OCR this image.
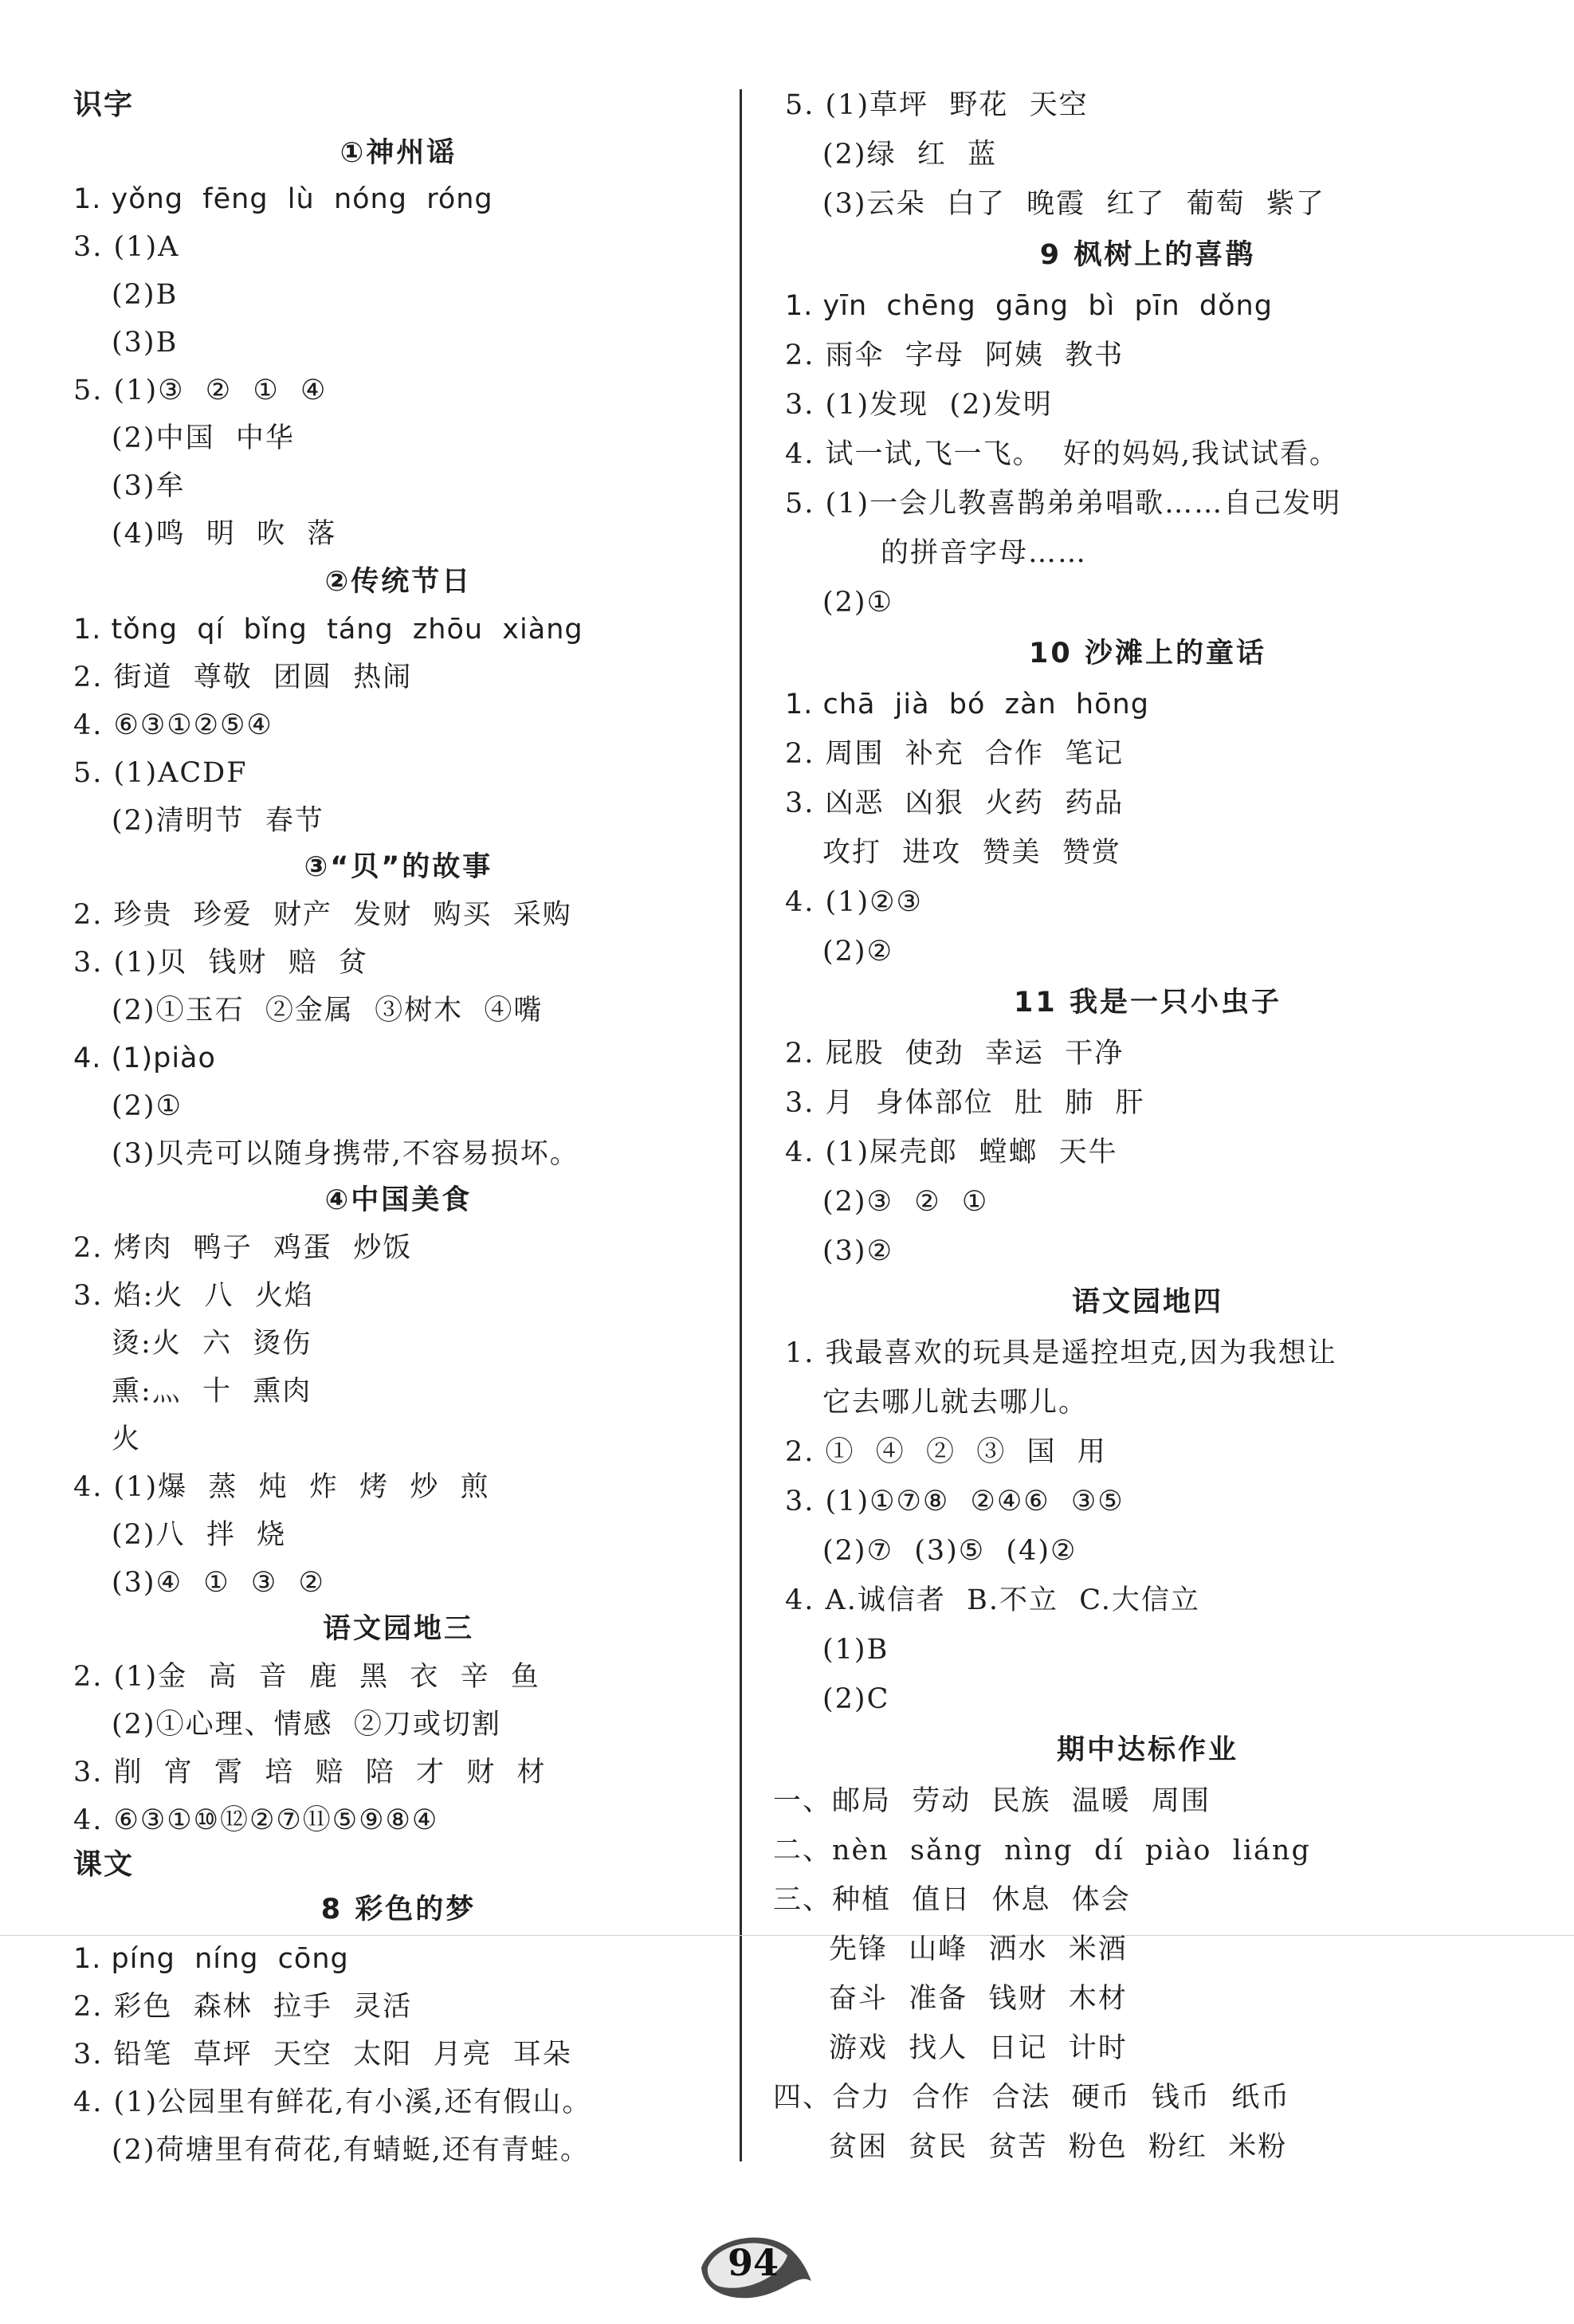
识字
①神州谣
1. yǒng  fēng  lù  nóng  róng
3. (1)A
(2)B
(3)B
5. (1)③  ②  ①  ④
(2)中国  中华
(3)牟
(4)鸣  明  吹  落
②传统节日
1. tǒng  qí  bǐng  táng  zhōu  xiàng
2. 街道  尊敬  团圆  热闹
4. ⑥③①②⑤④
5. (1)ACDF
(2)清明节  春节
③“贝”的故事
2. 珍贵  珍爱  财产  发财  购买  采购
3. (1)贝  钱财  赔  贫
(2)①玉石  ②金属  ③树木  ④嘴
4. (1)piào
(2)①
(3)贝壳可以随身携带,不容易损坏。
④中国美食
2. 烤肉  鸭子  鸡蛋  炒饭
3. 焰:火  八  火焰
烫:火  六  烫伤
熏:灬  十  熏肉
火
4. (1)爆  蒸  炖  炸  烤  炒  煎
(2)八  拌  烧
(3)④  ①  ③  ②
语文园地三
2. (1)金  高  音  鹿  黑  衣  辛  鱼
(2)①心理、情感  ②刀或切割
3. 削  宵  霄  培  赔  陪  才  财  材
4. ⑥③①⑩⑫②⑦⑪⑤⑨⑧④
课文
8 彩色的梦
1. píng  níng  cōng
2. 彩色  森林  拉手  灵活
3. 铅笔  草坪  天空  太阳  月亮  耳朵
4. (1)公园里有鲜花,有小溪,还有假山。
(2)荷塘里有荷花,有蜻蜓,还有青蛙。
5. (1)草坪  野花  天空
(2)绿  红  蓝
(3)云朵  白了  晚霞  红了  葡萄  紫了
9 枫树上的喜鹊
1. yīn  chēng  gāng  bì  pīn  dǒng
2. 雨伞  字母  阿姨  教书
3. (1)发现  (2)发明
4. 试一试,飞一飞。  好的妈妈,我试试看。
5. (1)一会儿教喜鹊弟弟唱歌……自己发明
的拼音字母……
(2)①
10 沙滩上的童话
1. chā  jià  bó  zàn  hōng
2. 周围  补充  合作  笔记
3. 凶恶  凶狠  火药  药品
攻打  进攻  赞美  赞赏
4. (1)②③
(2)②
11 我是一只小虫子
2. 屁股  使劲  幸运  干净
3. 月  身体部位  肚  肺  肝
4. (1)屎壳郎  螳螂  天牛
(2)③  ②  ①
(3)②
语文园地四
1. 我最喜欢的玩具是遥控坦克,因为我想让
它去哪儿就去哪儿。
2. ①  ④  ②  ③  国  用
3. (1)①⑦⑧  ②④⑥  ③⑤
(2)⑦  (3)⑤  (4)②
4. A.诚信者  B.不立  C.大信立
(1)B
(2)C
期中达标作业
一、邮局  劳动  民族  温暖  周围
二、nèn  sǎng  nìng  dí  piào  liáng
三、种植  值日  休息  体会
先锋  山峰  洒水  米酒
奋斗  准备  钱财  木材
游戏  找人  日记  计时
四、合力  合作  合法  硬币  钱币  纸币
贫困  贫民  贫苦  粉色  粉红  米粉
94
